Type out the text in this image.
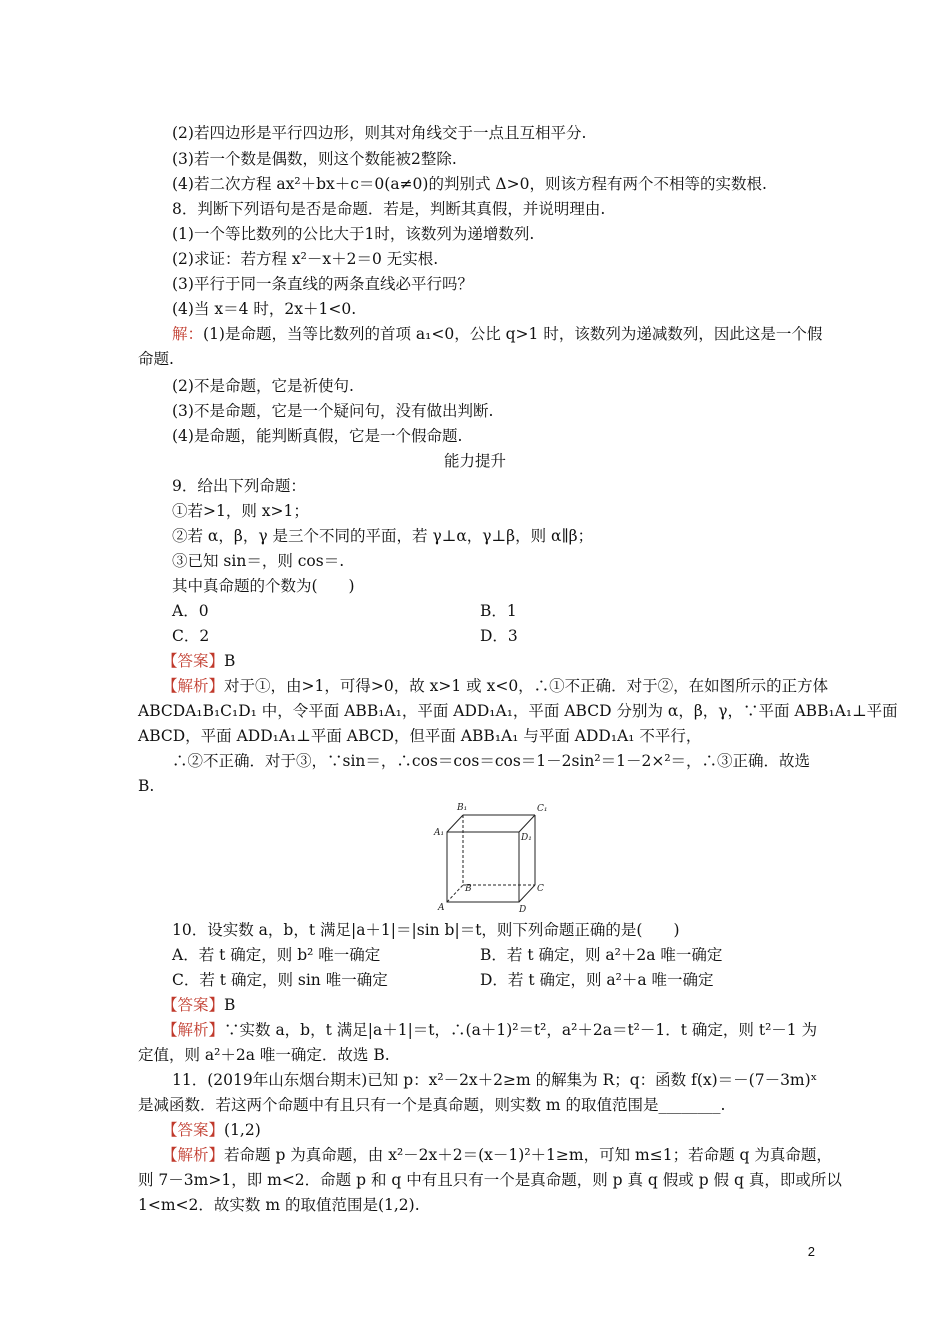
(2)若四边形是平行四边形，则其对角线交于一点且互相平分.
(3)若一个数是偶数，则这个数能被2整除.
(4)若二次方程 ax²＋bx＋c＝0(a≠0)的判别式 Δ>0，则该方程有两个不相等的实数根.
8．判断下列语句是否是命题．若是，判断其真假，并说明理由.
(1)一个等比数列的公比大于1时，该数列为递增数列.
(2)求证：若方程 x²－x＋2＝0 无实根.
(3)平行于同一条直线的两条直线必平行吗？
(4)当 x＝4 时，2x＋1<0.
解：(1)是命题，当等比数列的首项 a₁<0，公比 q>1 时，该数列为递减数列，因此这是一个假
命题.
(2)不是命题，它是祈使句.
(3)不是命题，它是一个疑问句，没有做出判断.
(4)是命题，能判断真假，它是一个假命题.
能力提升
9．给出下列命题：
①若>1，则 x>1；
②若 α，β，γ 是三个不同的平面，若 γ⊥α，γ⊥β，则 α∥β；
③已知 sin＝，则 cos＝.
其中真命题的个数为(　　)
A．0	B．1
C．2	D．3
【答案】B
【解析】对于①，由>1，可得>0，故 x>1 或 x<0，∴①不正确．对于②，在如图所示的正方体
ABCDA₁B₁C₁D₁ 中，令平面 ABB₁A₁，平面 ADD₁A₁，平面 ABCD 分别为 α，β，γ，∵平面 ABB₁A₁⊥平面
ABCD，平面 ADD₁A₁⊥平面 ABCD，但平面 ABB₁A₁ 与平面 ADD₁A₁ 不平行，
∴②不正确．对于③，∵sin＝，∴cos＝cos＝cos＝1－2sin²＝1－2×²＝，∴③正确．故选
B.
B₁	C₁
A₁	D₁
B	C
A	D
10．设实数 a，b，t 满足|a＋1|＝|sin b|＝t，则下列命题正确的是(　　)
A．若 t 确定，则 b² 唯一确定	B．若 t 确定，则 a²＋2a 唯一确定
C．若 t 确定，则 sin 唯一确定	D．若 t 确定，则 a²＋a 唯一确定
【答案】B
【解析】∵实数 a，b，t 满足|a＋1|＝t，∴(a＋1)²＝t²，a²＋2a＝t²－1．t 确定，则 t²－1 为
定值，则 a²＋2a 唯一确定．故选 B.
11．(2019年山东烟台期末)已知 p：x²－2x＋2≥m 的解集为 R；q：函数 f(x)＝－(7－3m)ˣ
是减函数．若这两个命题中有且只有一个是真命题，则实数 m 的取值范围是________.
【答案】(1,2)
【解析】若命题 p 为真命题，由 x²－2x＋2＝(x－1)²＋1≥m，可知 m≤1；若命题 q 为真命题，
则 7－3m>1，即 m<2．命题 p 和 q 中有且只有一个是真命题，则 p 真 q 假或 p 假 q 真，即或所以
1<m<2．故实数 m 的取值范围是(1,2).
2
